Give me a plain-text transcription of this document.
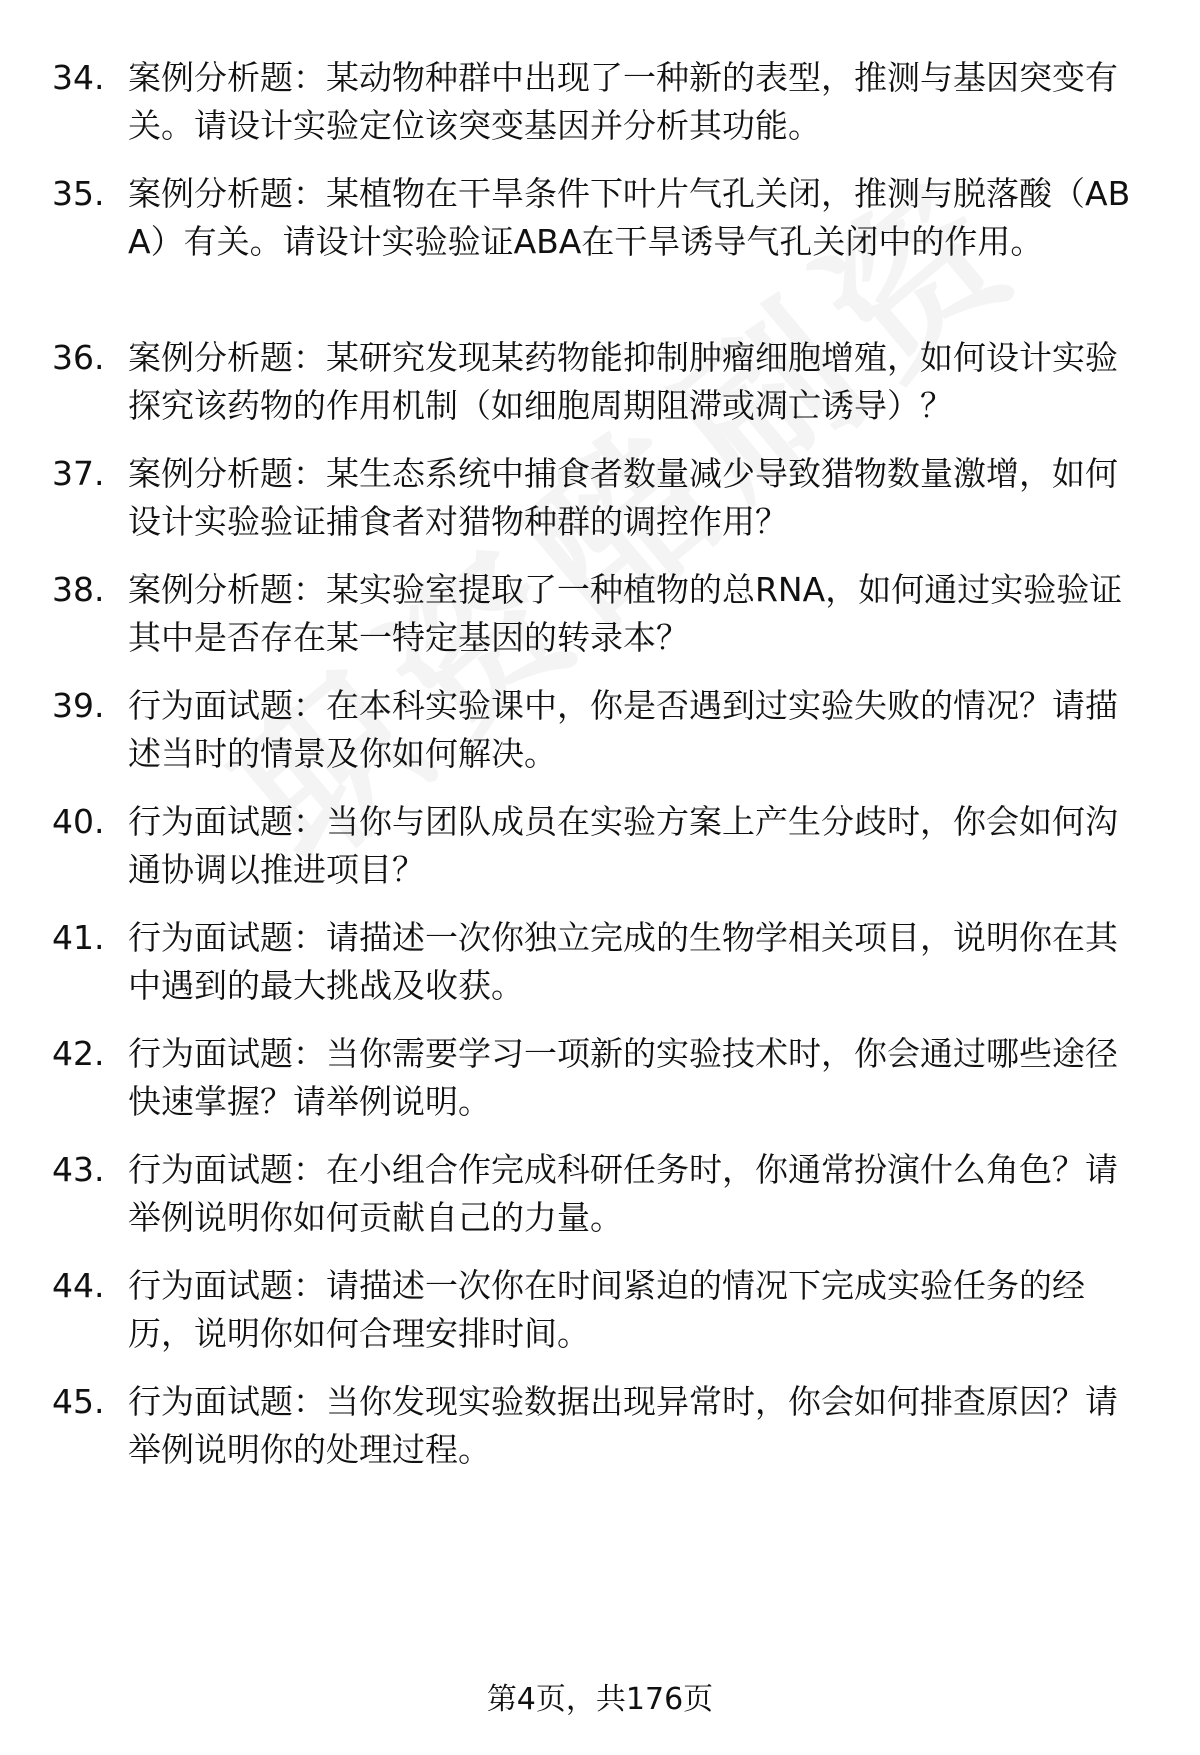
34. 案例分析题：某动物种群中出现了一种新的表型，推测与基因突变有关。请设计实验定位该突变基因并分析其功能。
35. 案例分析题：某植物在干旱条件下叶片气孔关闭，推测与脱落酸（ABA）有关。请设计实验验证ABA在干旱诱导气孔关闭中的作用。
36. 案例分析题：某研究发现某药物能抑制肿瘤细胞增殖，如何设计实验探究该药物的作用机制（如细胞周期阻滞或凋亡诱导）？
37. 案例分析题：某生态系统中捕食者数量减少导致猎物数量激增，如何设计实验验证捕食者对猎物种群的调控作用？
38. 案例分析题：某实验室提取了一种植物的总RNA，如何通过实验验证其中是否存在某一特定基因的转录本？
39. 行为面试题：在本科实验课中，你是否遇到过实验失败的情况？请描述当时的情景及你如何解决。
40. 行为面试题：当你与团队成员在实验方案上产生分歧时，你会如何沟通协调以推进项目？
41. 行为面试题：请描述一次你独立完成的生物学相关项目，说明你在其中遇到的最大挑战及收获。
42. 行为面试题：当你需要学习一项新的实验技术时，你会通过哪些途径快速掌握？请举例说明。
43. 行为面试题：在小组合作完成科研任务时，你通常扮演什么角色？请举例说明你如何贡献自己的力量。
44. 行为面试题：请描述一次你在时间紧迫的情况下完成实验任务的经历，说明你如何合理安排时间。
45. 行为面试题：当你发现实验数据出现异常时，你会如何排查原因？请举例说明你的处理过程。
第4页，共176页
